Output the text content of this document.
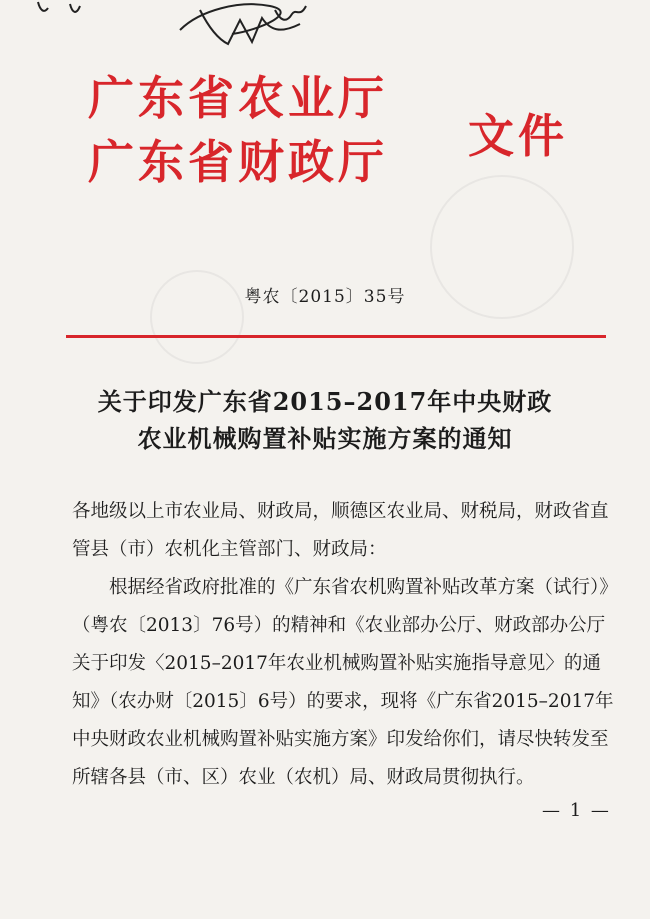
广东省农业厅
广东省财政厅 文件
粤农〔2015〕35号
关于印发广东省2015–2017年中央财政
农业机械购置补贴实施方案的通知

各地级以上市农业局、财政局，顺德区农业局、财税局，财政省直管县（市）农机化主管部门、财政局：

根据经省政府批准的《广东省农机购置补贴改革方案（试行）》（粤农〔2013〕76号）的精神和《农业部办公厅、财政部办公厅关于印发〈2015–2017年农业机械购置补贴实施指导意见〉的通知》（农办财〔2015〕6号）的要求，现将《广东省2015–2017年中央财政农业机械购置补贴实施方案》印发给你们，请尽快转发至所辖各县（市、区）农业（农机）局、财政局贯彻执行。

— 1 —
